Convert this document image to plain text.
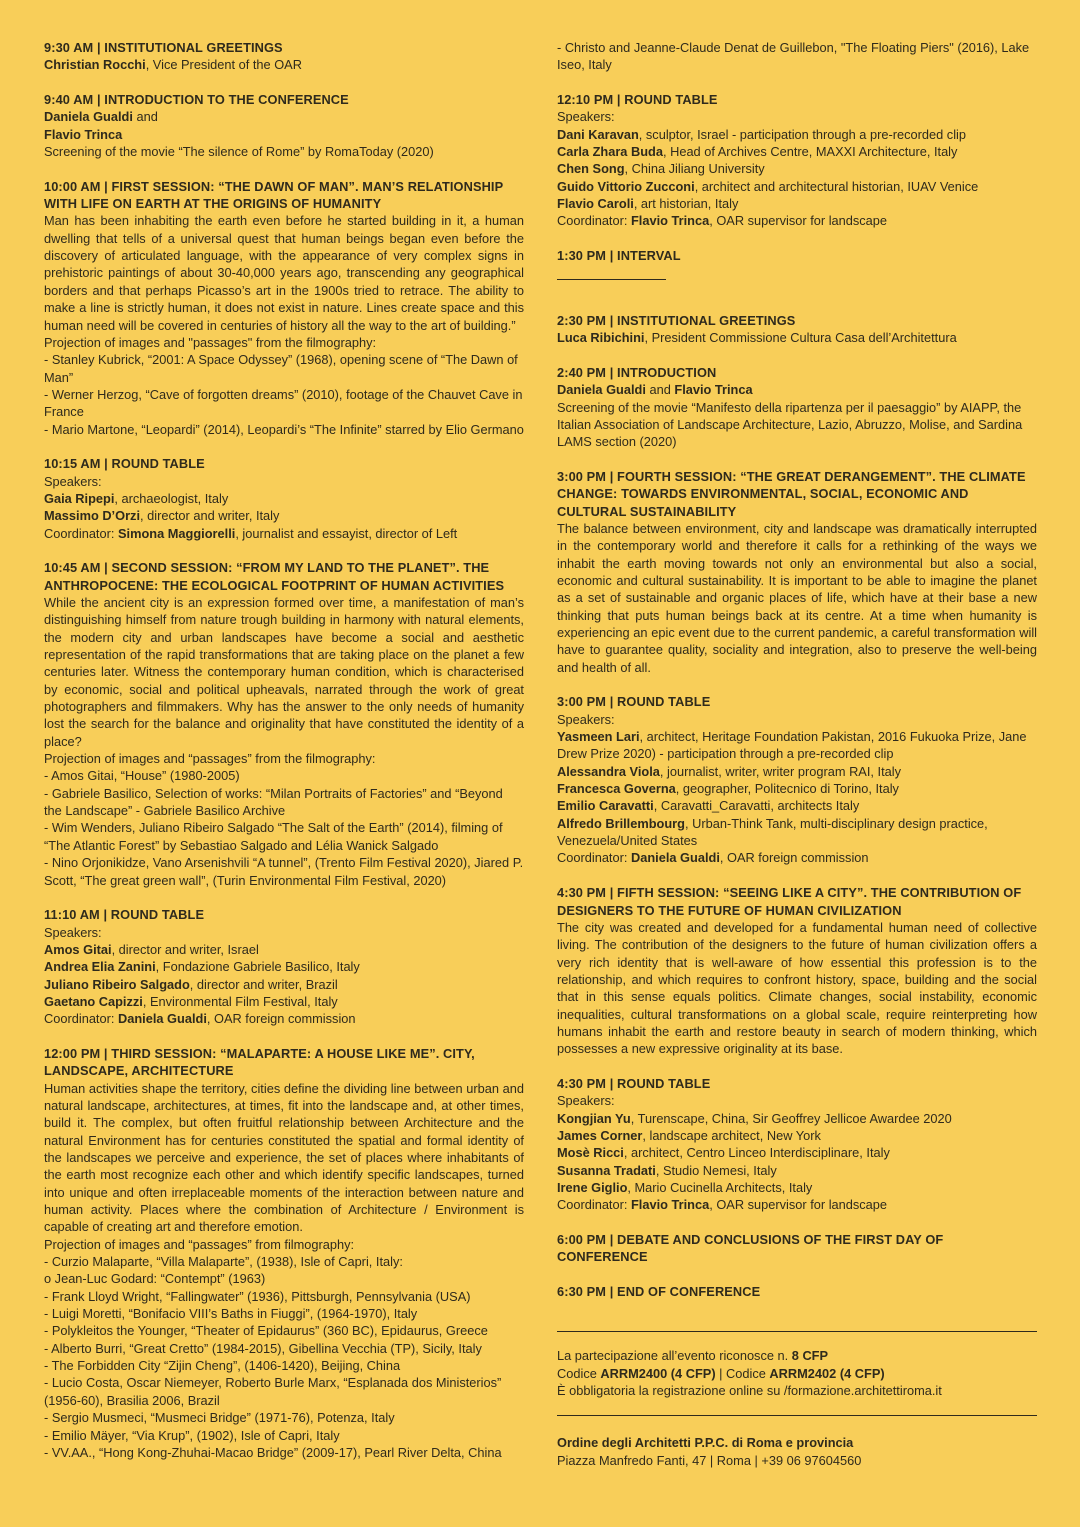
9:30 AM | INSTITUTIONAL GREETINGS
Christian Rocchi, Vice President of the OAR
9:40 AM | INTRODUCTION TO THE CONFERENCE
Daniela Gualdi and
Flavio Trinca
Screening of the movie “The silence of Rome” by RomaToday (2020)
10:00 AM | FIRST SESSION: “THE DAWN OF MAN”. MAN’S RELATIONSHIP WITH LIFE ON EARTH AT THE ORIGINS OF HUMANITY
Man has been inhabiting the earth even before he started building in it, a human dwelling that tells of a universal quest that human beings began even before the discovery of articulated language, with the appearance of very complex signs in prehistoric paintings of about 30-40,000 years ago, transcending any geographical borders and that perhaps Picasso’s art in the 1900s tried to retrace. The ability to make a line is strictly human, it does not exist in nature. Lines create space and this human need will be covered in centuries of history all the way to the art of building.”
Projection of images and "passages" from the filmography:
- Stanley Kubrick, “2001: A Space Odyssey” (1968), opening scene of “The Dawn of Man”
- Werner Herzog, “Cave of forgotten dreams” (2010), footage of the Chauvet Cave in France
- Mario Martone, “Leopardi” (2014), Leopardi’s “The Infinite” starred by Elio Germano
10:15 AM | ROUND TABLE
Speakers:
Gaia Ripepi, archaeologist, Italy
Massimo D’Orzi, director and writer, Italy
Coordinator: Simona Maggiorelli, journalist and essayist, director of Left
10:45 AM | SECOND SESSION: “FROM MY LAND TO THE PLANET”. THE ANTHROPOCENE: THE ECOLOGICAL FOOTPRINT OF HUMAN ACTIVITIES
While the ancient city is an expression formed over time, a manifestation of man’s distinguishing himself from nature trough building in harmony with natural elements, the modern city and urban landscapes have become a social and aesthetic representation of the rapid transformations that are taking place on the planet a few centuries later. Witness the contemporary human condition, which is characterised by economic, social and political upheavals, narrated through the work of great photographers and filmmakers. Why has the answer to the only needs of humanity lost the search for the balance and originality that have constituted the identity of a place?
Projection of images and “passages” from the filmography:
- Amos Gitai, “House” (1980-2005)
- Gabriele Basilico, Selection of works: “Milan Portraits of Factories” and “Beyond the Landscape” - Gabriele Basilico Archive
- Wim Wenders, Juliano Ribeiro Salgado “The Salt of the Earth” (2014), filming of “The Atlantic Forest” by Sebastiao Salgado and Lélia Wanick Salgado
- Nino Orjonikidze, Vano Arsenishvili “A tunnel”, (Trento Film Festival 2020), Jiared P. Scott, “The great green wall”, (Turin Environmental Film Festival, 2020)
11:10 AM | ROUND TABLE
Speakers:
Amos Gitai, director and writer, Israel
Andrea Elia Zanini, Fondazione Gabriele Basilico, Italy
Juliano Ribeiro Salgado, director and writer, Brazil
Gaetano Capizzi, Environmental Film Festival, Italy
Coordinator: Daniela Gualdi, OAR foreign commission
12:00 PM | THIRD SESSION: “MALAPARTE: A HOUSE LIKE ME”. CITY, LANDSCAPE, ARCHITECTURE
Human activities shape the territory, cities define the dividing line between urban and natural landscape, architectures, at times, fit into the landscape and, at other times, build it. The complex, but often fruitful relationship between Architecture and the natural Environment has for centuries constituted the spatial and formal identity of the landscapes we perceive and experience, the set of places where inhabitants of the earth most recognize each other and which identify specific landscapes, turned into unique and often irreplaceable moments of the interaction between nature and human activity. Places where the combination of Architecture / Environment is capable of creating art and therefore emotion.
Projection of images and “passages” from filmography:
- Curzio Malaparte, “Villa Malaparte”, (1938), Isle of Capri, Italy:
o Jean-Luc Godard: “Contempt” (1963)
- Frank Lloyd Wright, “Fallingwater” (1936), Pittsburgh, Pennsylvania (USA)
- Luigi Moretti, “Bonifacio VIII’s Baths in Fiuggi”, (1964-1970), Italy
- Polykleitos the Younger, “Theater of Epidaurus” (360 BC), Epidaurus, Greece
- Alberto Burri, “Great Cretto” (1984-2015), Gibellina Vecchia (TP), Sicily, Italy
- The Forbidden City “Zijin Cheng”, (1406-1420), Beijing, China
- Lucio Costa, Oscar Niemeyer, Roberto Burle Marx, “Esplanada dos Ministerios” (1956-60), Brasilia 2006, Brazil
- Sergio Musmeci, “Musmeci Bridge” (1971-76), Potenza, Italy
- Emilio Mäyer, “Via Krup”, (1902), Isle of Capri, Italy
- VV.AA., “Hong Kong-Zhuhai-Macao Bridge” (2009-17), Pearl River Delta, China
- Christo and Jeanne-Claude Denat de Guillebon, "The Floating Piers" (2016), Lake Iseo, Italy
12:10 PM | ROUND TABLE
Speakers:
Dani Karavan, sculptor, Israel - participation through a pre-recorded clip
Carla Zhara Buda, Head of Archives Centre, MAXXI Architecture, Italy
Chen Song, China Jiliang University
Guido Vittorio Zucconi, architect and architectural historian, IUAV Venice
Flavio Caroli, art historian, Italy
Coordinator: Flavio Trinca, OAR supervisor for landscape
1:30 PM | INTERVAL
2:30 PM | INSTITUTIONAL GREETINGS
Luca Ribichini, President Commissione Cultura Casa dell’Architettura
2:40 PM | INTRODUCTION
Daniela Gualdi and Flavio Trinca
Screening of the movie “Manifesto della ripartenza per il paesaggio” by AIAPP, the Italian Association of Landscape Architecture, Lazio, Abruzzo, Molise, and Sardina LAMS section (2020)
3:00 PM | FOURTH SESSION: “THE GREAT DERANGEMENT”. THE CLIMATE CHANGE: TOWARDS ENVIRONMENTAL, SOCIAL, ECONOMIC AND CULTURAL SUSTAINABILITY
The balance between environment, city and landscape was dramatically interrupted in the contemporary world and therefore it calls for a rethinking of the ways we inhabit the earth moving towards not only an environmental but also a social, economic and cultural sustainability. It is important to be able to imagine the planet as a set of sustainable and organic places of life, which have at their base a new thinking that puts human beings back at its centre. At a time when humanity is experiencing an epic event due to the current pandemic, a careful transformation will have to guarantee quality, sociality and integration, also to preserve the well-being and health of all.
3:00 PM | ROUND TABLE
Speakers:
Yasmeen Lari, architect, Heritage Foundation Pakistan, 2016 Fukuoka Prize, Jane Drew Prize 2020) - participation through a pre-recorded clip
Alessandra Viola, journalist, writer, writer program RAI, Italy
Francesca Governa, geographer, Politecnico di Torino, Italy
Emilio Caravatti, Caravatti_Caravatti, architects Italy
Alfredo Brillembourg, Urban-Think Tank, multi-disciplinary design practice, Venezuela/United States
Coordinator: Daniela Gualdi, OAR foreign commission
4:30 PM | FIFTH SESSION: “SEEING LIKE A CITY”. THE CONTRIBUTION OF DESIGNERS TO THE FUTURE OF HUMAN CIVILIZATION
The city was created and developed for a fundamental human need of collective living. The contribution of the designers to the future of human civilization offers a very rich identity that is well-aware of how essential this profession is to the relationship, and which requires to confront history, space, building and the social that in this sense equals politics. Climate changes, social instability, economic inequalities, cultural transformations on a global scale, require reinterpreting how humans inhabit the earth and restore beauty in search of modern thinking, which possesses a new expressive originality at its base.
4:30 PM | ROUND TABLE
Speakers:
Kongjian Yu, Turenscape, China, Sir Geoffrey Jellicoe Awardee 2020
James Corner, landscape architect, New York
Mosè Ricci, architect, Centro Linceo Interdisciplinare, Italy
Susanna Tradati, Studio Nemesi, Italy
Irene Giglio, Mario Cucinella Architects, Italy
Coordinator: Flavio Trinca, OAR supervisor for landscape
6:00 PM | DEBATE AND CONCLUSIONS OF THE FIRST DAY OF CONFERENCE
6:30 PM | END OF CONFERENCE
La partecipazione all’evento riconosce n. 8 CFP
Codice ARRM2400 (4 CFP) | Codice ARRM2402 (4 CFP)
È obbligatoria la registrazione online su /formazione.architettiroma.it
Ordine degli Architetti P.P.C. di Roma e provincia
Piazza Manfredo Fanti, 47 | Roma | +39 06 97604560
